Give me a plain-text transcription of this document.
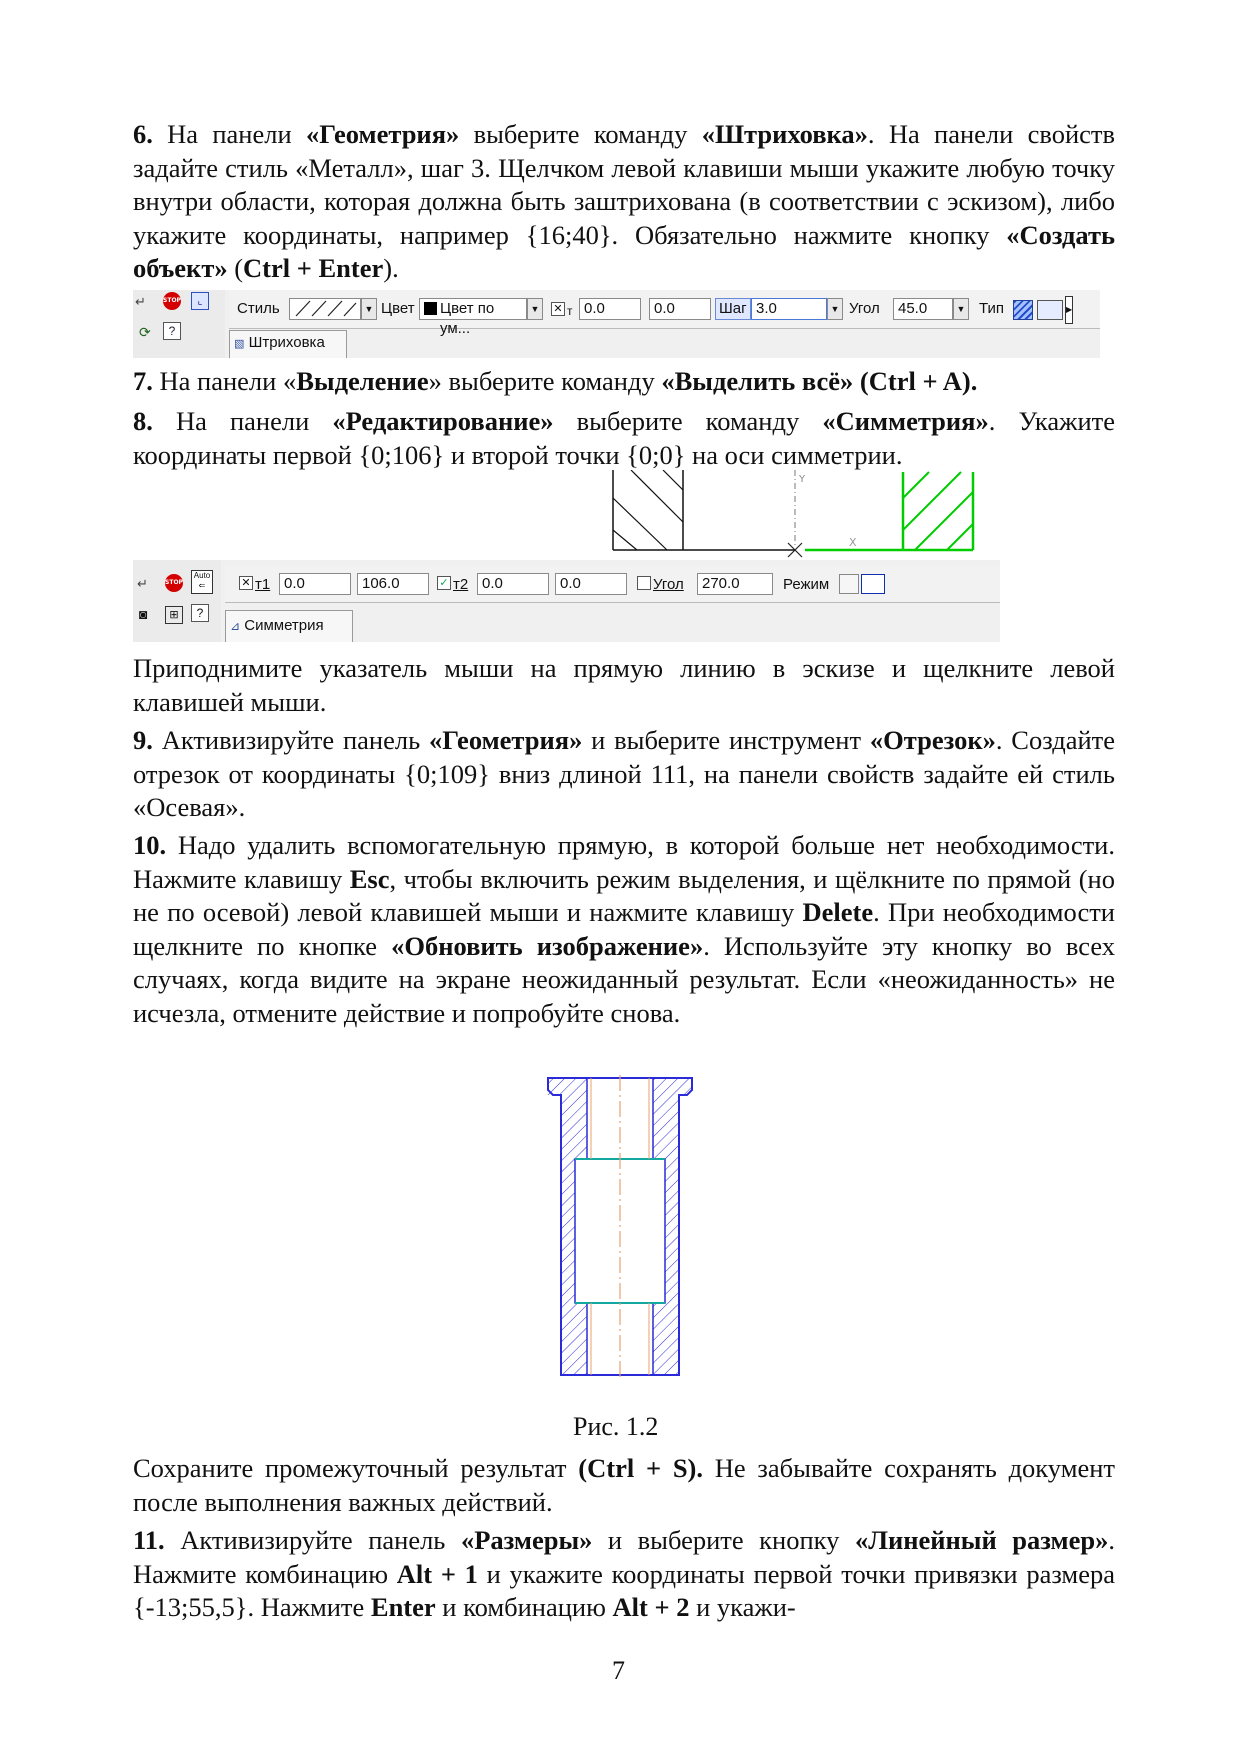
6. На панели «Геометрия» выберите команду «Штриховка». На панели свойств задайте стиль «Металл», шаг 3. Щелчком левой клавиши мыши укажите любую точку внутри области, которая должна быть заштрихована (в соответствии с эскизом), либо укажите координаты, например {16;40}. Обязательно нажмите кнопку «Создать объект» (Ctrl + Enter).

↵	STOP	⌞
⟳	?
Стиль	▼ Цвет	Цвет по ум...
▼	✕ т 0.0	0.0	Шаг 3.0	▼ Угол	45.0	▼ Тип	▶
▧ Штриховка

7. На панели «Выделение» выберите команду «Выделить всё» (Ctrl + A).

8. На панели «Редактирование» выберите команду «Симметрия». Укажите координаты первой {0;106} и второй точки {0;0} на оси симметрии.

Y
X
↵	STOP
Auto
⇐
◙	⊞	?
✕ т1 0.0	106.0	✓ т2 0.0	0.0	Угол	270.0	Режим
⊿ Симметрия

Приподнимите указатель мыши на прямую линию в эскизе и щелкните левой клавишей мыши.

9. Активизируйте панель «Геометрия» и выберите инструмент «Отрезок». Создайте отрезок от координаты {0;109} вниз длиной 111, на панели свойств задайте ей стиль «Осевая».

10. Надо удалить вспомогательную прямую, в которой больше нет необходимости. Нажмите клавишу Esc, чтобы включить режим выделения, и щёлкните по прямой (но не по осевой) левой клавишей мыши и нажмите клавишу Delete. При необходимости щелкните по кнопке «Обновить изображение». Используйте эту кнопку во всех случаях, когда видите на экране неожиданный результат. Если «неожиданность» не исчезла, отмените действие и попробуйте снова.

Рис. 1.2

Сохраните промежуточный результат (Ctrl + S). Не забывайте сохранять документ после выполнения важных действий.

11. Активизируйте панель «Размеры» и выберите кнопку «Линейный размер». Нажмите комбинацию Alt + 1 и укажите координаты первой точки привязки размера {-13;55,5}. Нажмите Enter и комбинацию Alt + 2 и укажи-

7
